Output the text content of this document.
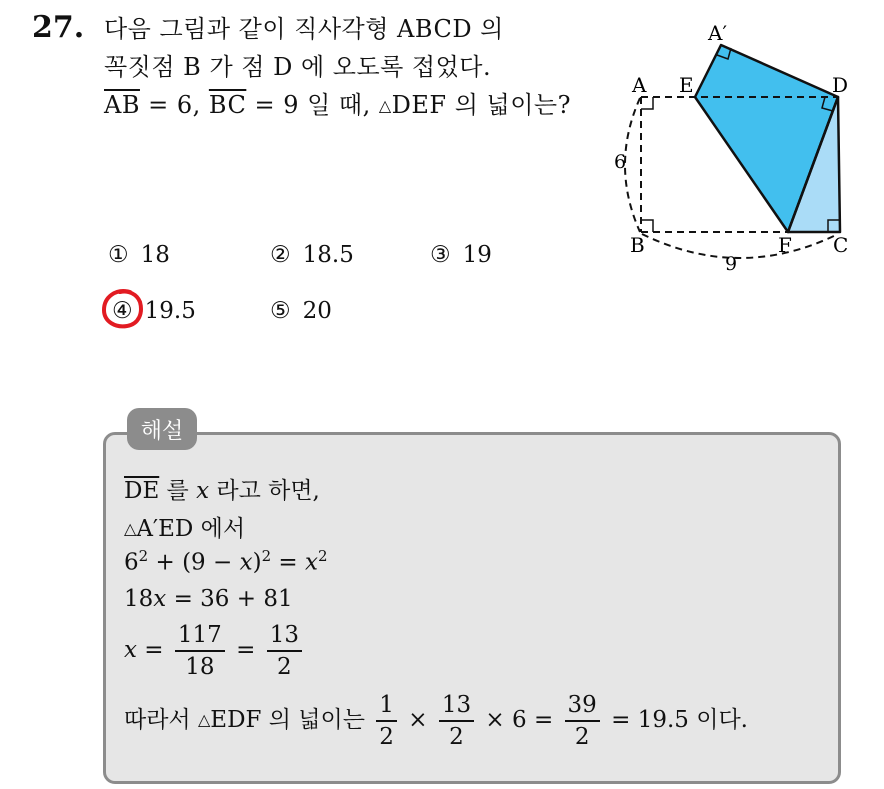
27. 다음 그림과 같이 직사각형 ABCD 의
꼭짓점 B 가 점 D 에 오도록 접었다.
$\overline{AB} = 6$, $\overline{BC} = 9$ 일 때, △DEF 의 넓이는?
① 18	② 18.5	③ 19
④ 19.5	⑤ 20
A′
A E	D
B	F C
6
9
해설
$\overline{DE}$ 를 x 라고 하면,
△A′ED 에서
$6^2 + (9 - x)^2 = x^2$
18x = 36 + 81
$x = \frac{117}{18} = \frac{13}{2}$
따라서 △EDF 의 넓이는 $\frac{1}{2} \times \frac{13}{2} \times 6 = \frac{39}{2} = 19.5$ 이다.
